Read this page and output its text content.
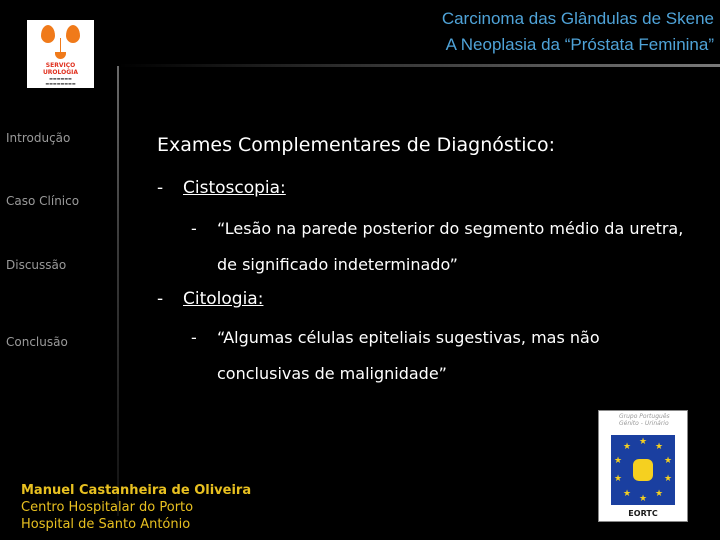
Carcinoma das Glândulas de Skene
A Neoplasia da “Próstata Feminina”
SERVIÇO
UROLOGIA
▬▬▬▬▬▬
▬▬▬▬▬▬▬▬
Introdução
Caso Clínico
Discussão
Conclusão
Exames Complementares de Diagnóstico:
- Cistoscopia:
-	“Lesão na parede posterior do segmento médio da uretra, de significado indeterminado”
- Citologia:
-	“Algumas células epiteliais sugestivas, mas não conclusivas de malignidade”
Manuel Castanheira de Oliveira
Centro Hospitalar do Porto
Hospital de Santo António
Grupo Português Génito - Urinário
★ ★
★
★
★
★
★
★
★
★
EORTC
